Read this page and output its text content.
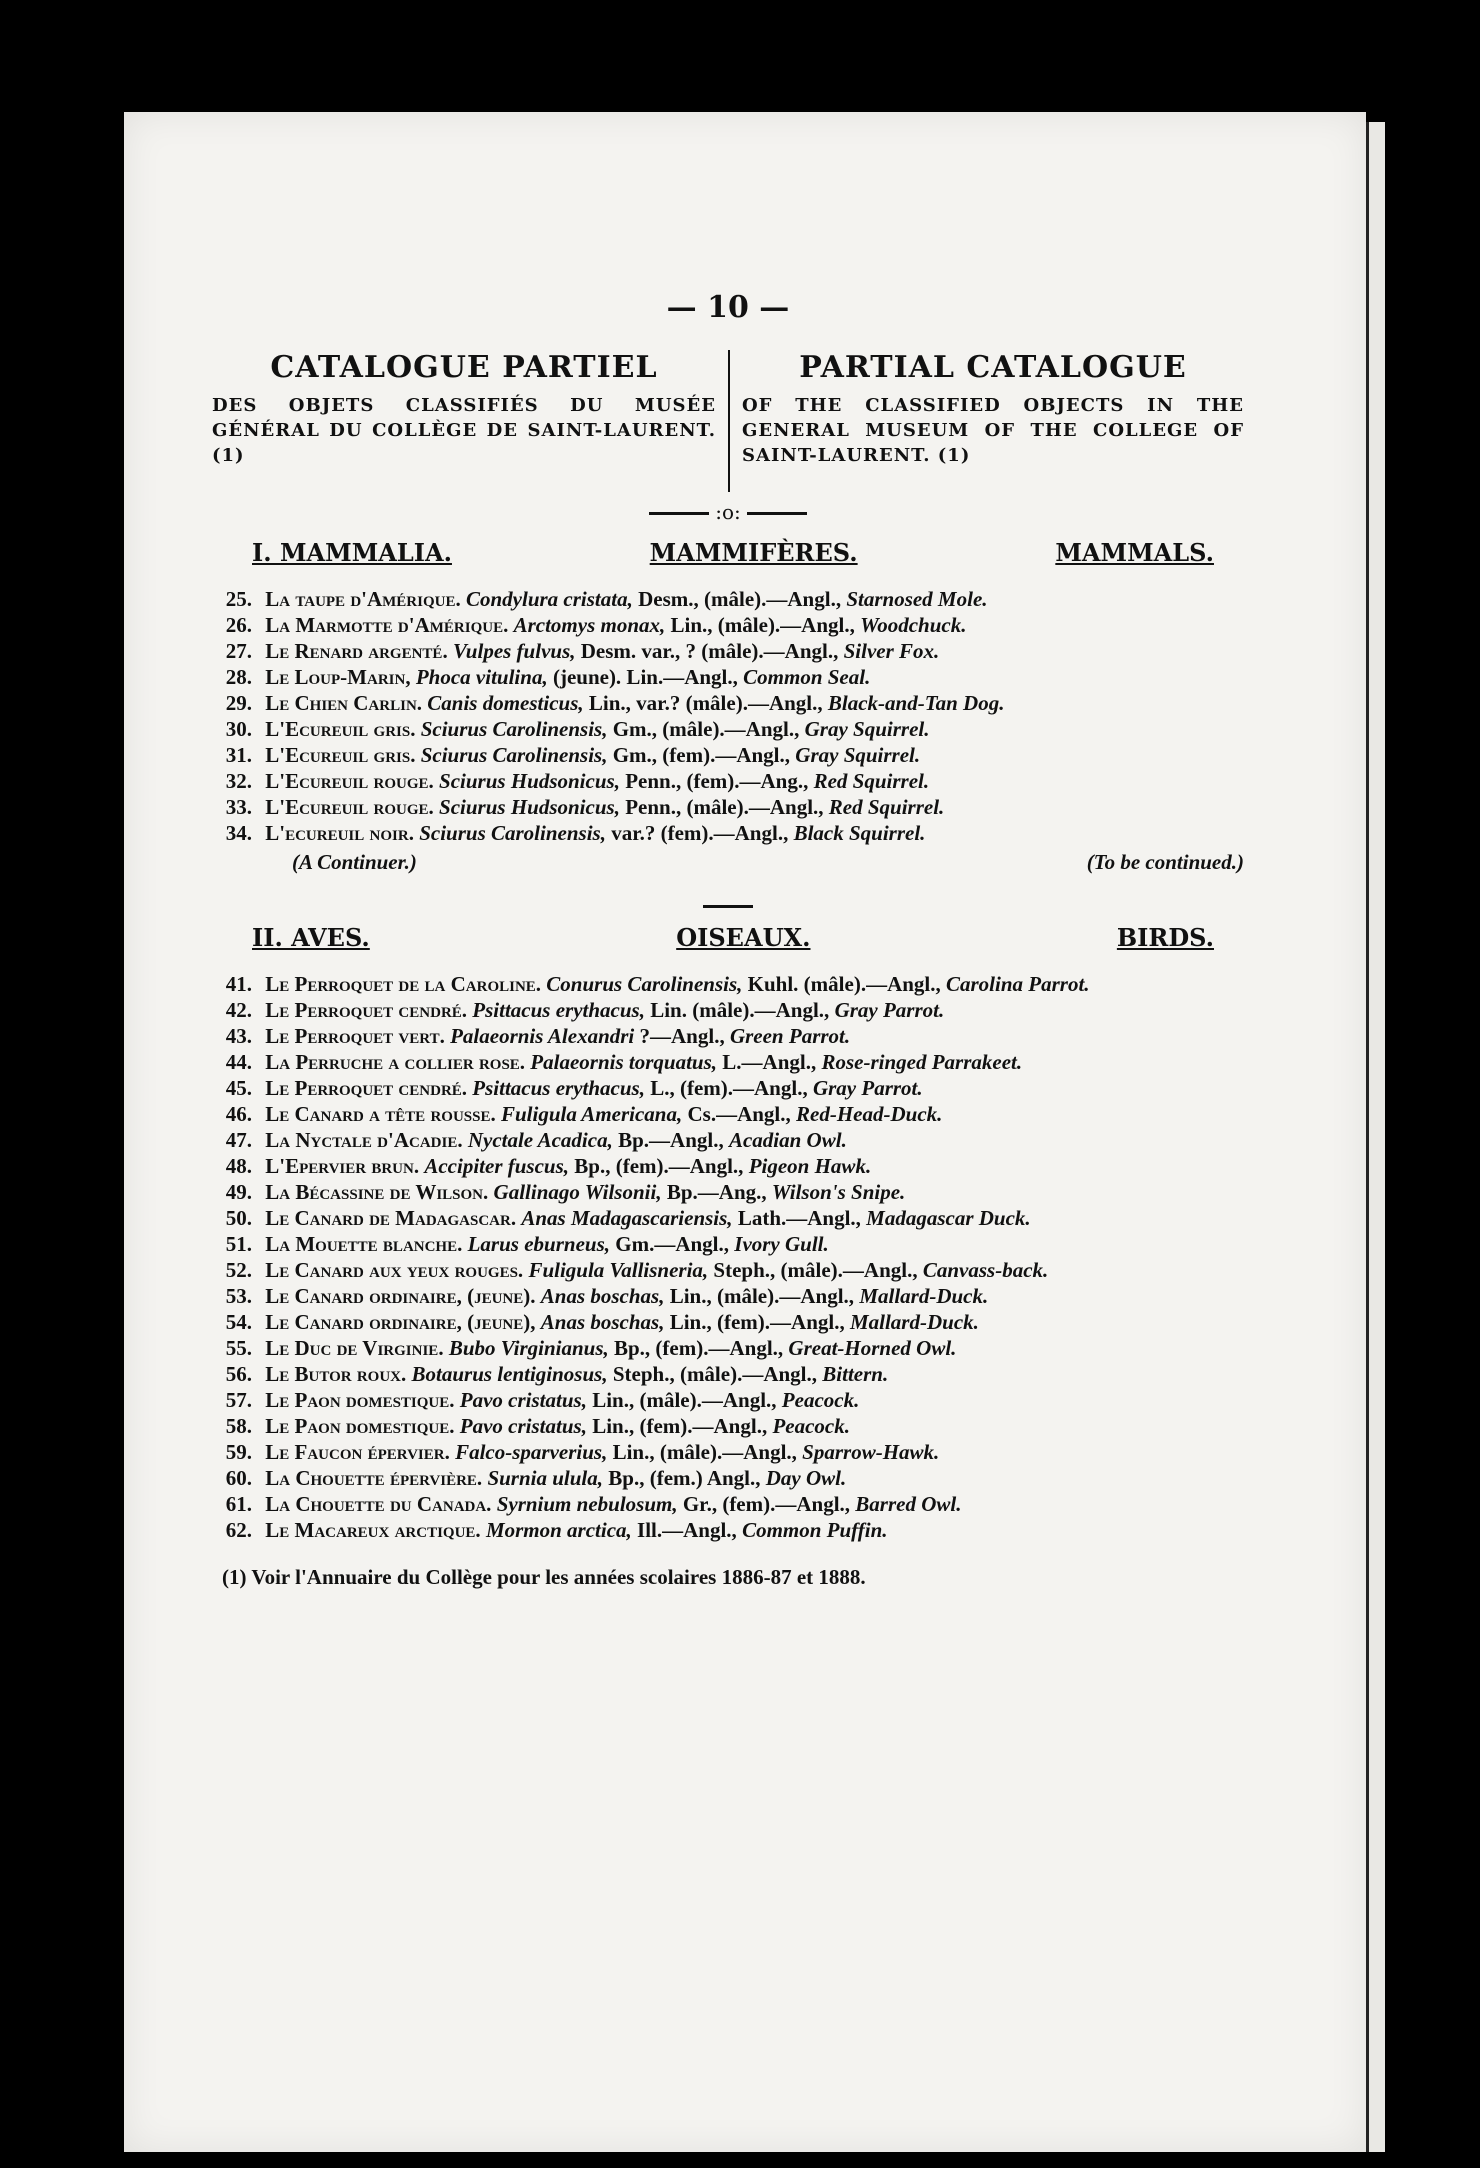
— 10 —
CATALOGUE PARTIEL
DES OBJETS CLASSIFIÉS DU MUSÉE GÉNÉRAL DU COLLÈGE DE SAINT-LAURENT. (1)
PARTIAL CATALOGUE
OF THE CLASSIFIED OBJECTS IN THE GENERAL MUSEUM OF THE COLLEGE OF SAINT-LAURENT. (1)
:o:
I. MAMMALIA.	MAMMIFÈRES.	MAMMALS.
25. La taupe d'Amérique. Condylura cristata, Desm., (mâle).—Angl., Starnosed Mole.
26. La Marmotte d'Amérique. Arctomys monax, Lin., (mâle).—Angl., Woodchuck.
27. Le Renard argenté. Vulpes fulvus, Desm. var., ? (mâle).—Angl., Silver Fox.
28. Le Loup-Marin, Phoca vitulina, (jeune). Lin.—Angl., Common Seal.
29. Le Chien Carlin. Canis domesticus, Lin., var.? (mâle).—Angl., Black-and-Tan Dog.
30. L'Ecureuil gris. Sciurus Carolinensis, Gm., (mâle).—Angl., Gray Squirrel.
31. L'Ecureuil gris. Sciurus Carolinensis, Gm., (fem).—Angl., Gray Squirrel.
32. L'Ecureuil rouge. Sciurus Hudsonicus, Penn., (fem).—Ang., Red Squirrel.
33. L'Ecureuil rouge. Sciurus Hudsonicus, Penn., (mâle).—Angl., Red Squirrel.
34. L'ecureuil noir. Sciurus Carolinensis, var.? (fem).—Angl., Black Squirrel.
(A Continuer.)	(To be continued.)
II. AVES.	OISEAUX.	BIRDS.
41. Le Perroquet de la Caroline. Conurus Carolinensis, Kuhl. (mâle).—Angl., Carolina Parrot.
42. Le Perroquet cendré. Psittacus erythacus, Lin. (mâle).—Angl., Gray Parrot.
43. Le Perroquet vert. Palaeornis Alexandri ?—Angl., Green Parrot.
44. La Perruche a collier rose. Palaeornis torquatus, L.—Angl., Rose-ringed Parrakeet.
45. Le Perroquet cendré. Psittacus erythacus, L., (fem).—Angl., Gray Parrot.
46. Le Canard a tête rousse. Fuligula Americana, Cs.—Angl., Red-Head-Duck.
47. La Nyctale d'Acadie. Nyctale Acadica, Bp.—Angl., Acadian Owl.
48. L'Epervier brun. Accipiter fuscus, Bp., (fem).—Angl., Pigeon Hawk.
49. La Bécassine de Wilson. Gallinago Wilsonii, Bp.—Ang., Wilson's Snipe.
50. Le Canard de Madagascar. Anas Madagascariensis, Lath.—Angl., Madagascar Duck.
51. La Mouette blanche. Larus eburneus, Gm.—Angl., Ivory Gull.
52. Le Canard aux yeux rouges. Fuligula Vallisneria, Steph., (mâle).—Angl., Canvass-back.
53. Le Canard ordinaire, (jeune). Anas boschas, Lin., (mâle).—Angl., Mallard-Duck.
54. Le Canard ordinaire, (jeune), Anas boschas, Lin., (fem).—Angl., Mallard-Duck.
55. Le Duc de Virginie. Bubo Virginianus, Bp., (fem).—Angl., Great-Horned Owl.
56. Le Butor roux. Botaurus lentiginosus, Steph., (mâle).—Angl., Bittern.
57. Le Paon domestique. Pavo cristatus, Lin., (mâle).—Angl., Peacock.
58. Le Paon domestique. Pavo cristatus, Lin., (fem).—Angl., Peacock.
59. Le Faucon épervier. Falco-sparverius, Lin., (mâle).—Angl., Sparrow-Hawk.
60. La Chouette épervière. Surnia ulula, Bp., (fem.) Angl., Day Owl.
61. La Chouette du Canada. Syrnium nebulosum, Gr., (fem).—Angl., Barred Owl.
62. Le Macareux arctique. Mormon arctica, Ill.—Angl., Common Puffin.
(1) Voir l'Annuaire du Collège pour les années scolaires 1886-87 et 1888.
